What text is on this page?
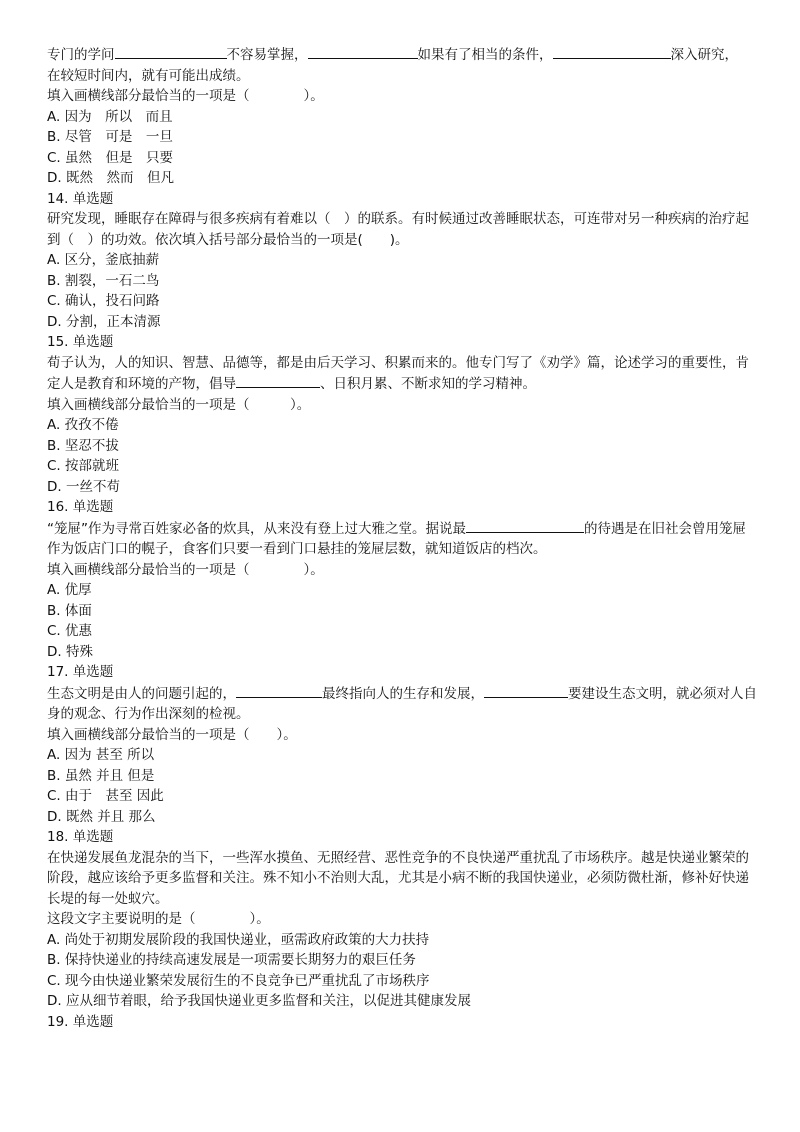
专门的学问	不容易掌握，	如果有了相当的条件，	深入研究，
在较短时间内，就有可能出成绩。
填入画横线部分最恰当的一项是（　　　　）。
A. 因为　所以　而且
B. 尽管　可是　一旦
C. 虽然　但是　只要
D. 既然　然而　但凡
14. 单选题
研究发现，睡眠存在障碍与很多疾病有着难以（　）的联系。有时候通过改善睡眠状态，可连带对另一种疾病的治疗起到（　）的功效。依次填入括号部分最恰当的一项是(　　)。
A. 区分，釜底抽薪
B. 割裂，一石二鸟
C. 确认，投石问路
D. 分割，正本清源
15. 单选题
荀子认为，人的知识、智慧、品德等，都是由后天学习、积累而来的。他专门写了《劝学》篇，论述学习的重要性，肯定人是教育和环境的产物，倡导	、日积月累、不断求知的学习精神。
填入画横线部分最恰当的一项是（　　　）。
A. 孜孜不倦
B. 坚忍不拔
C. 按部就班
D. 一丝不苟
16. 单选题
“笼屉”作为寻常百姓家必备的炊具，从来没有登上过大雅之堂。据说最	的待遇是在旧社会曾用笼屉作为饭店门口的幌子，食客们只要一看到门口悬挂的笼屉层数，就知道饭店的档次。
填入画横线部分最恰当的一项是（　　　　）。
A. 优厚
B. 体面
C. 优惠
D. 特殊
17. 单选题
生态文明是由人的问题引起的，	最终指向人的生存和发展，	要建设生态文明，就必须对人自身的观念、行为作出深刻的检视。
填入画横线部分最恰当的一项是（　　）。
A. 因为 甚至 所以
B. 虽然 并且 但是
C. 由于　甚至 因此
D. 既然 并且 那么
18. 单选题
在快递发展鱼龙混杂的当下，一些浑水摸鱼、无照经营、恶性竞争的不良快递严重扰乱了市场秩序。越是快递业繁荣的阶段，越应该给予更多监督和关注。殊不知小不治则大乱，尤其是小病不断的我国快递业，必须防微杜渐，修补好快递长堤的每一处蚁穴。
这段文字主要说明的是（　　　　）。
A. 尚处于初期发展阶段的我国快递业，亟需政府政策的大力扶持
B. 保持快递业的持续高速发展是一项需要长期努力的艰巨任务
C. 现今由快递业繁荣发展衍生的不良竞争已严重扰乱了市场秩序
D. 应从细节着眼，给予我国快递业更多监督和关注，以促进其健康发展
19. 单选题
